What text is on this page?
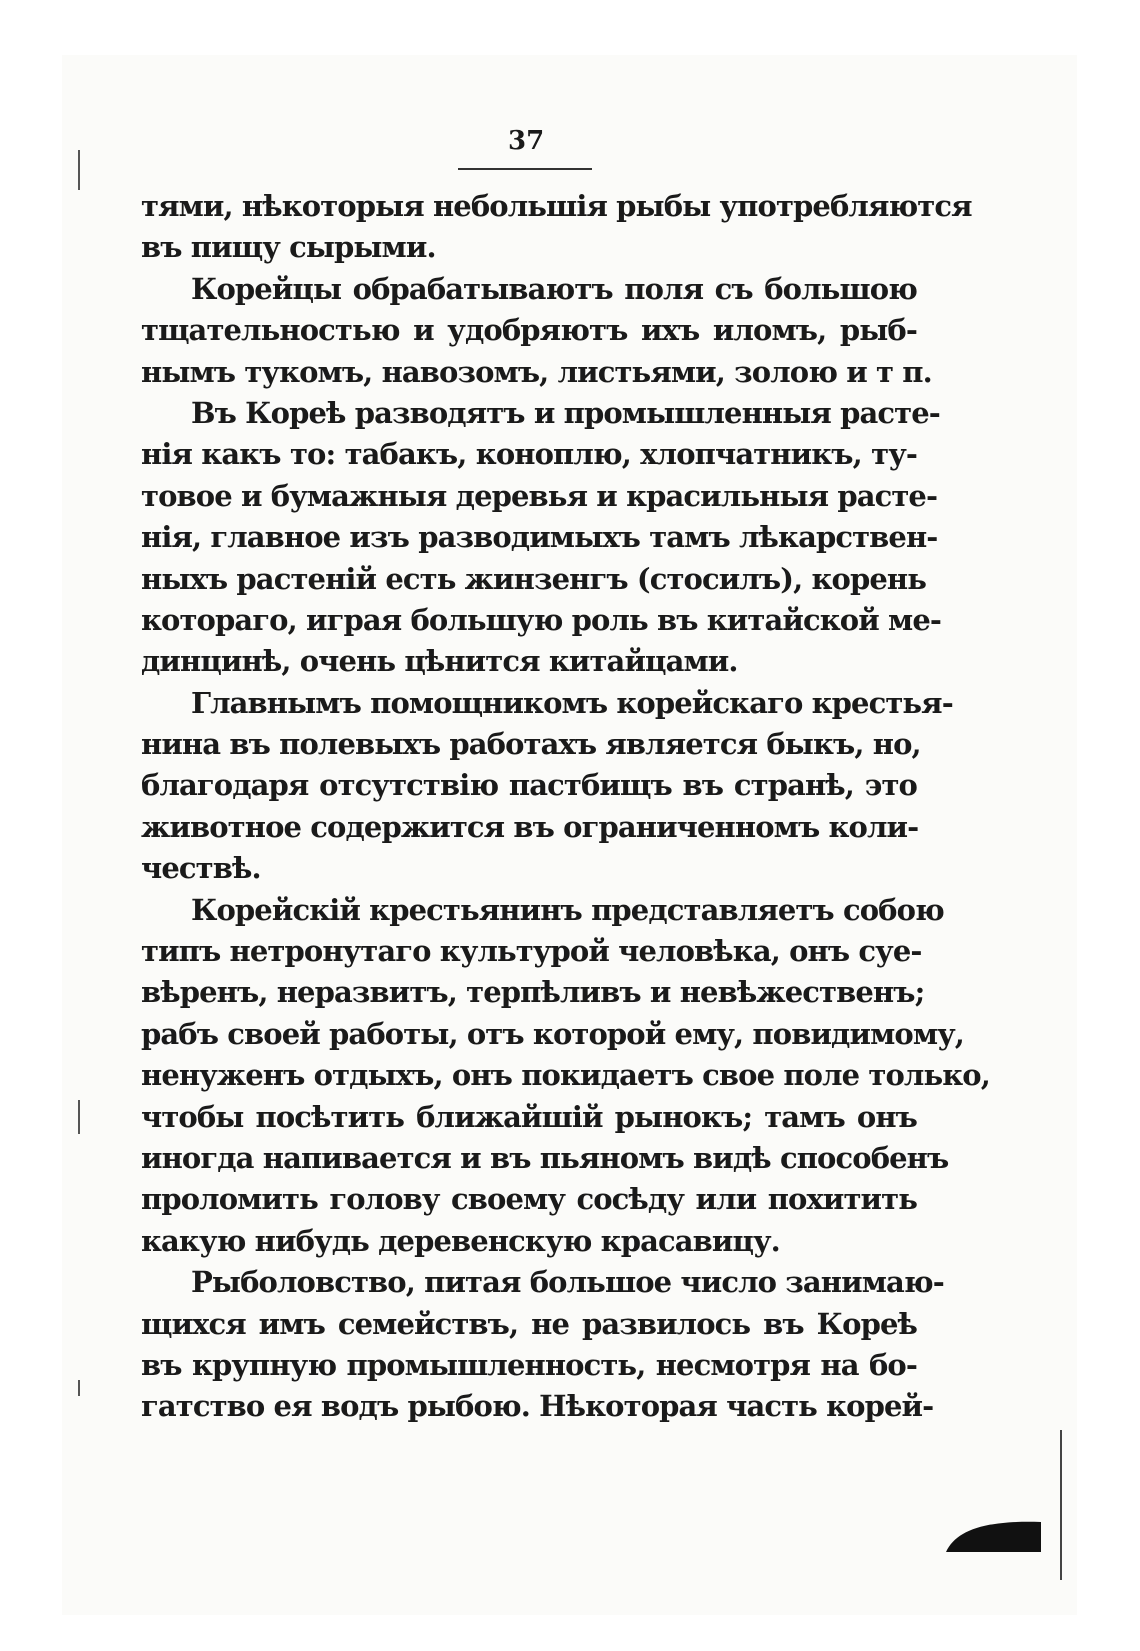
37
тями, нѣкоторыя небольшія рыбы употребляются
въ пищу сырыми.
Корейцы обрабатываютъ поля съ большою
тщательностью и удобряютъ ихъ иломъ, рыб-
нымъ тукомъ, навозомъ, листьями, золою и т п.
Въ Кореѣ разводятъ и промышленныя расте-
нія какъ то: табакъ, коноплю, хлопчатникъ, ту-
товое и бумажныя деревья и красильныя расте-
нія, главное изъ разводимыхъ тамъ лѣкарствен-
ныхъ растеній есть жинзенгъ (стосилъ), корень
котораго, играя большую роль въ китайской ме-
динцинѣ, очень цѣнится китайцами.
Главнымъ помощникомъ корейскаго крестья-
нина въ полевыхъ работахъ является быкъ, но,
благодаря отсутствію пастбищъ въ странѣ, это
животное содержится въ ограниченномъ коли-
чествѣ.
Корейскій крестьянинъ представляетъ собою
типъ нетронутаго культурой человѣка, онъ суе-
вѣренъ, неразвитъ, терпѣливъ и невѣжественъ;
рабъ своей работы, отъ которой ему, повидимому,
ненуженъ отдыхъ, онъ покидаетъ свое поле только,
чтобы посѣтить ближайшій рынокъ; тамъ онъ
иногда напивается и въ пьяномъ видѣ способенъ
проломить голову своему сосѣду или похитить
какую нибудь деревенскую красавицу.
Рыболовство, питая большое число занимаю-
щихся имъ семействъ, не развилось въ Кореѣ
въ крупную промышленность, несмотря на бо-
гатство ея водъ рыбою. Нѣкоторая часть корей-
